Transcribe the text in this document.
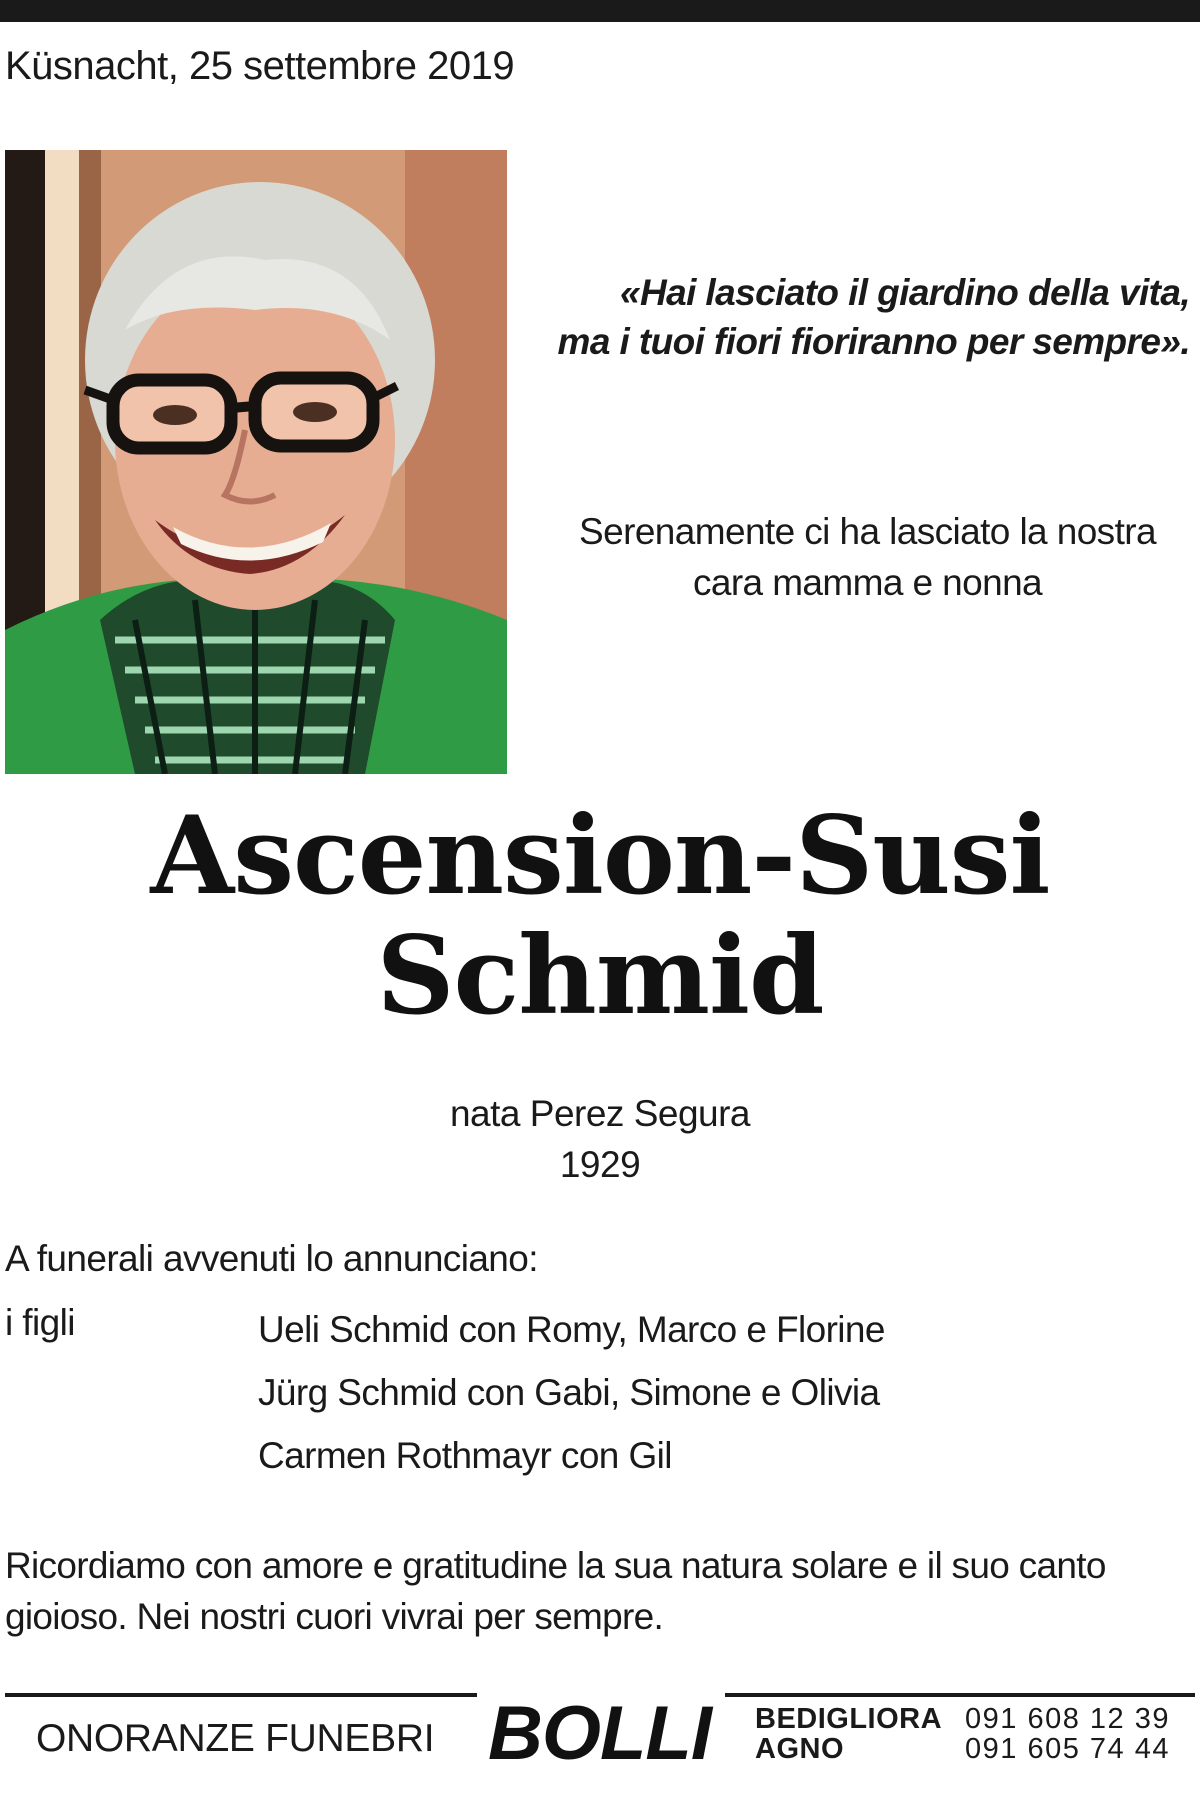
Küsnacht, 25 settembre 2019
«Hai lasciato il giardino della vita,
ma i tuoi fiori fioriranno per sempre».
Serenamente ci ha lasciato la nostra
cara mamma e nonna
Ascension-Susi
Schmid
nata Perez Segura
1929
A funerali avvenuti lo annunciano:
i figli	Ueli Schmid con Romy, Marco e Florine
Jürg Schmid con Gabi, Simone e Olivia
Carmen Rothmayr con Gil
Ricordiamo con amore e gratitudine la sua natura solare e il suo canto gioioso. Nei nostri cuori vivrai per sempre.
ONORANZE FUNEBRI BOLLI BEDIGLIORA 091 608 12 39
AGNO	091 605 74 44
